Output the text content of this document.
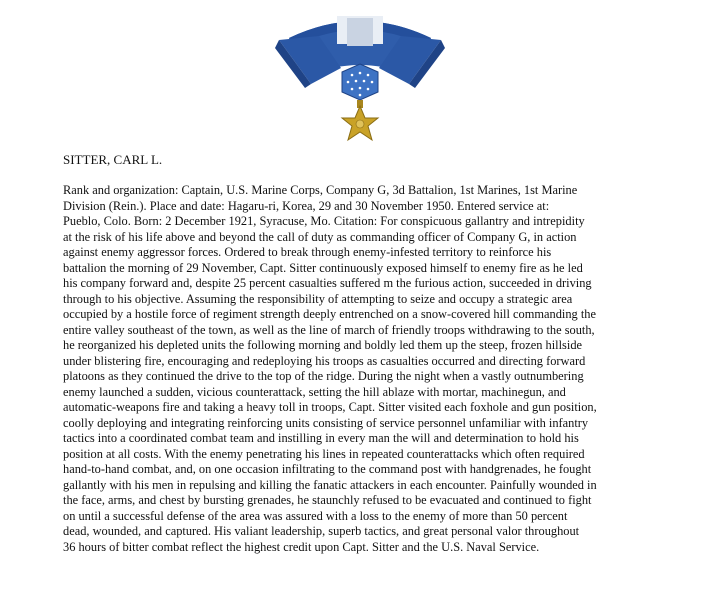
SITTER, CARL L.
Rank and organization: Captain, U.S. Marine Corps, Company G, 3d Battalion, 1st Marines, 1st Marine
Division (Rein.). Place and date: Hagaru-ri, Korea, 29 and 30 November 1950. Entered service at:
Pueblo, Colo. Born: 2 December 1921, Syracuse, Mo. Citation: For conspicuous gallantry and intrepidity
at the risk of his life above and beyond the call of duty as commanding officer of Company G, in action
against enemy aggressor forces. Ordered to break through enemy-infested territory to reinforce his
battalion the morning of 29 November, Capt. Sitter continuously exposed himself to enemy fire as he led
his company forward and, despite 25 percent casualties suffered m the furious action, succeeded in driving
through to his objective. Assuming the responsibility of attempting to seize and occupy a strategic area
occupied by a hostile force of regiment strength deeply entrenched on a snow-covered hill commanding the
entire valley southeast of the town, as well as the line of march of friendly troops withdrawing to the south,
he reorganized his depleted units the following morning and boldly led them up the steep, frozen hillside
under blistering fire, encouraging and redeploying his troops as casualties occurred and directing forward
platoons as they continued the drive to the top of the ridge. During the night when a vastly outnumbering
enemy launched a sudden, vicious counterattack, setting the hill ablaze with mortar, machinegun, and
automatic-weapons fire and taking a heavy toll in troops, Capt. Sitter visited each foxhole and gun position,
coolly deploying and integrating reinforcing units consisting of service personnel unfamiliar with infantry
tactics into a coordinated combat team and instilling in every man the will and determination to hold his
position at all costs. With the enemy penetrating his lines in repeated counterattacks which often required
hand-to-hand combat, and, on one occasion infiltrating to the command post with handgrenades, he fought
gallantly with his men in repulsing and killing the fanatic attackers in each encounter. Painfully wounded in
the face, arms, and chest by bursting grenades, he staunchly refused to be evacuated and continued to fight
on until a successful defense of the area was assured with a loss to the enemy of more than 50 percent
dead, wounded, and captured. His valiant leadership, superb tactics, and great personal valor throughout
36 hours of bitter combat reflect the highest credit upon Capt. Sitter and the U.S. Naval Service.
